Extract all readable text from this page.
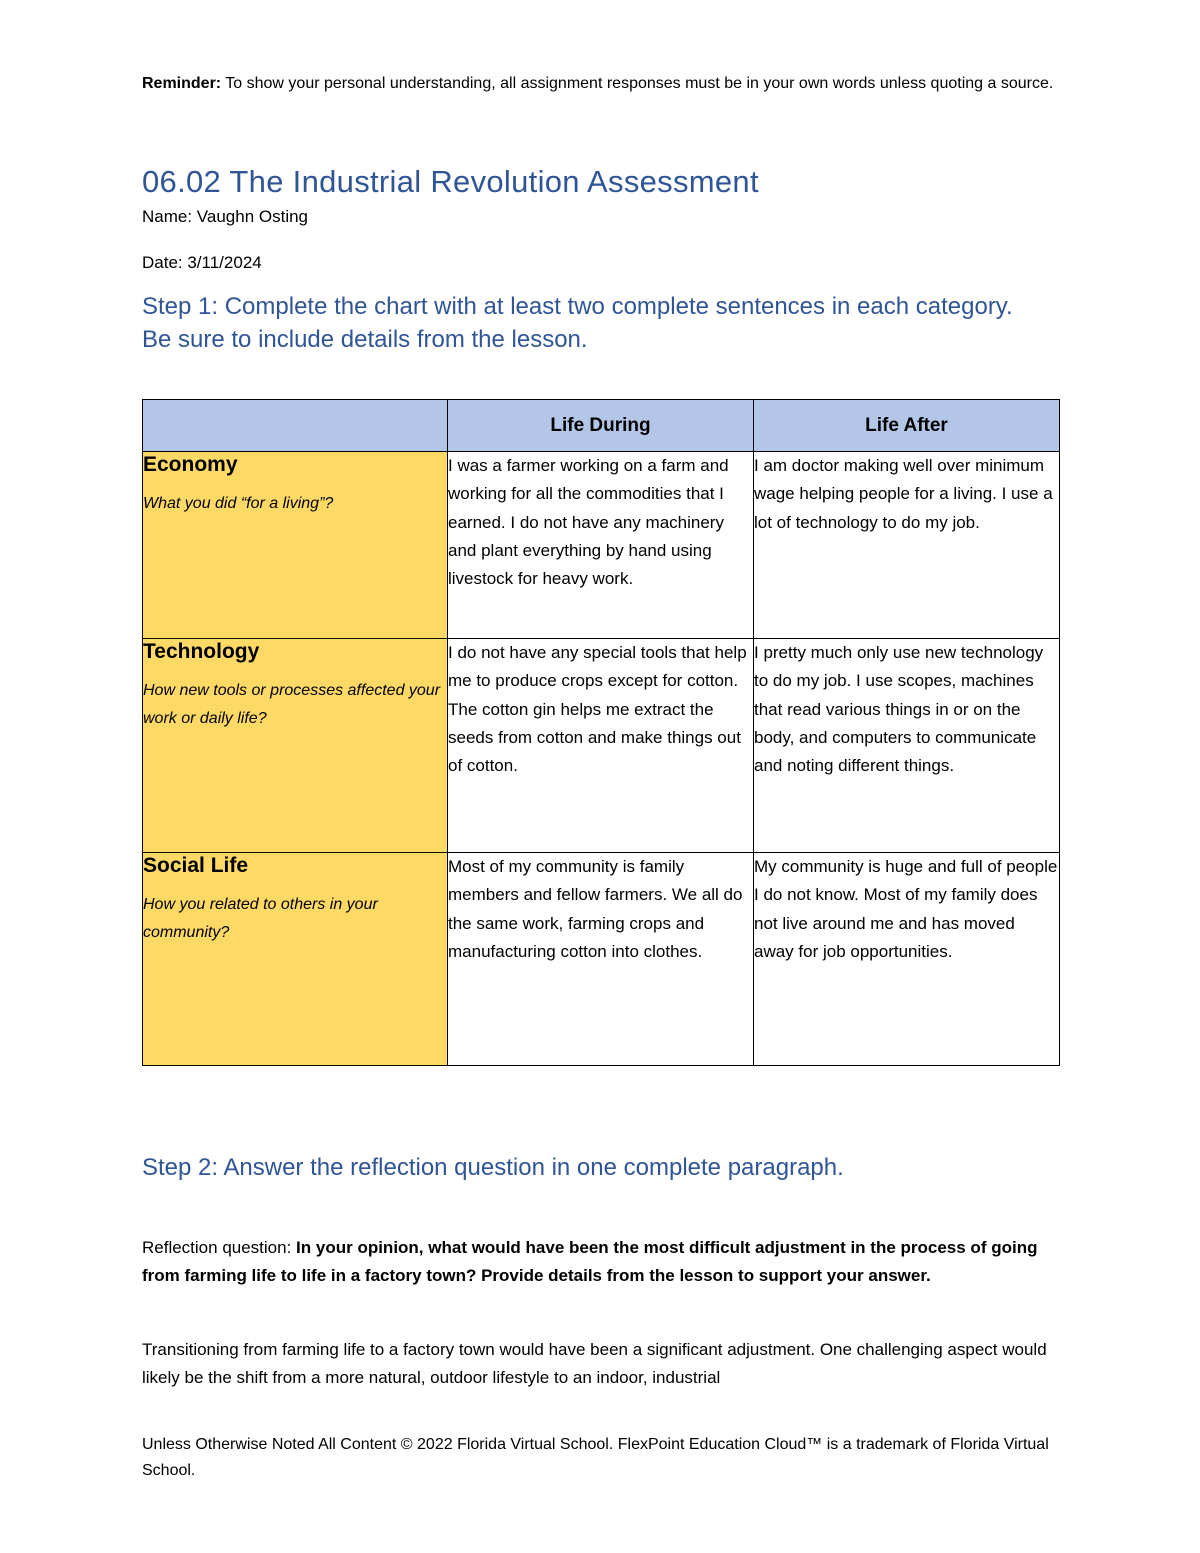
Reminder: To show your personal understanding, all assignment responses must be in your own words unless quoting a source.
06.02 The Industrial Revolution Assessment
Name: Vaughn Osting
Date: 3/11/2024
Step 1: Complete the chart with at least two complete sentences in each category. Be sure to include details from the lesson.
	Life During	Life After

Economy
What you did “for a living”?	I was a farmer working on a farm and working for all the commodities that I earned. I do not have any machinery and plant everything by hand using livestock for heavy work.	I am doctor making well over minimum wage helping people for a living. I use a lot of technology to do my job.

Technology
How new tools or processes affected your work or daily life?	I do not have any special tools that help me to produce crops except for cotton. The cotton gin helps me extract the seeds from cotton and make things out of cotton.	I pretty much only use new technology to do my job. I use scopes, machines that read various things in or on the body, and computers to communicate and noting different things.

Social Life
How you related to others in your community?	Most of my community is family members and fellow farmers. We all do the same work, farming crops and manufacturing cotton into clothes.	My community is huge and full of people I do not know. Most of my family does not live around me and has moved away for job opportunities.
Step 2: Answer the reflection question in one complete paragraph.
Reflection question: In your opinion, what would have been the most difficult adjustment in the process of going from farming life to life in a factory town? Provide details from the lesson to support your answer.
Transitioning from farming life to a factory town would have been a significant adjustment. One challenging aspect would likely be the shift from a more natural, outdoor lifestyle to an indoor, industrial
Unless Otherwise Noted All Content © 2022 Florida Virtual School. FlexPoint Education Cloud™ is a trademark of Florida Virtual School.
